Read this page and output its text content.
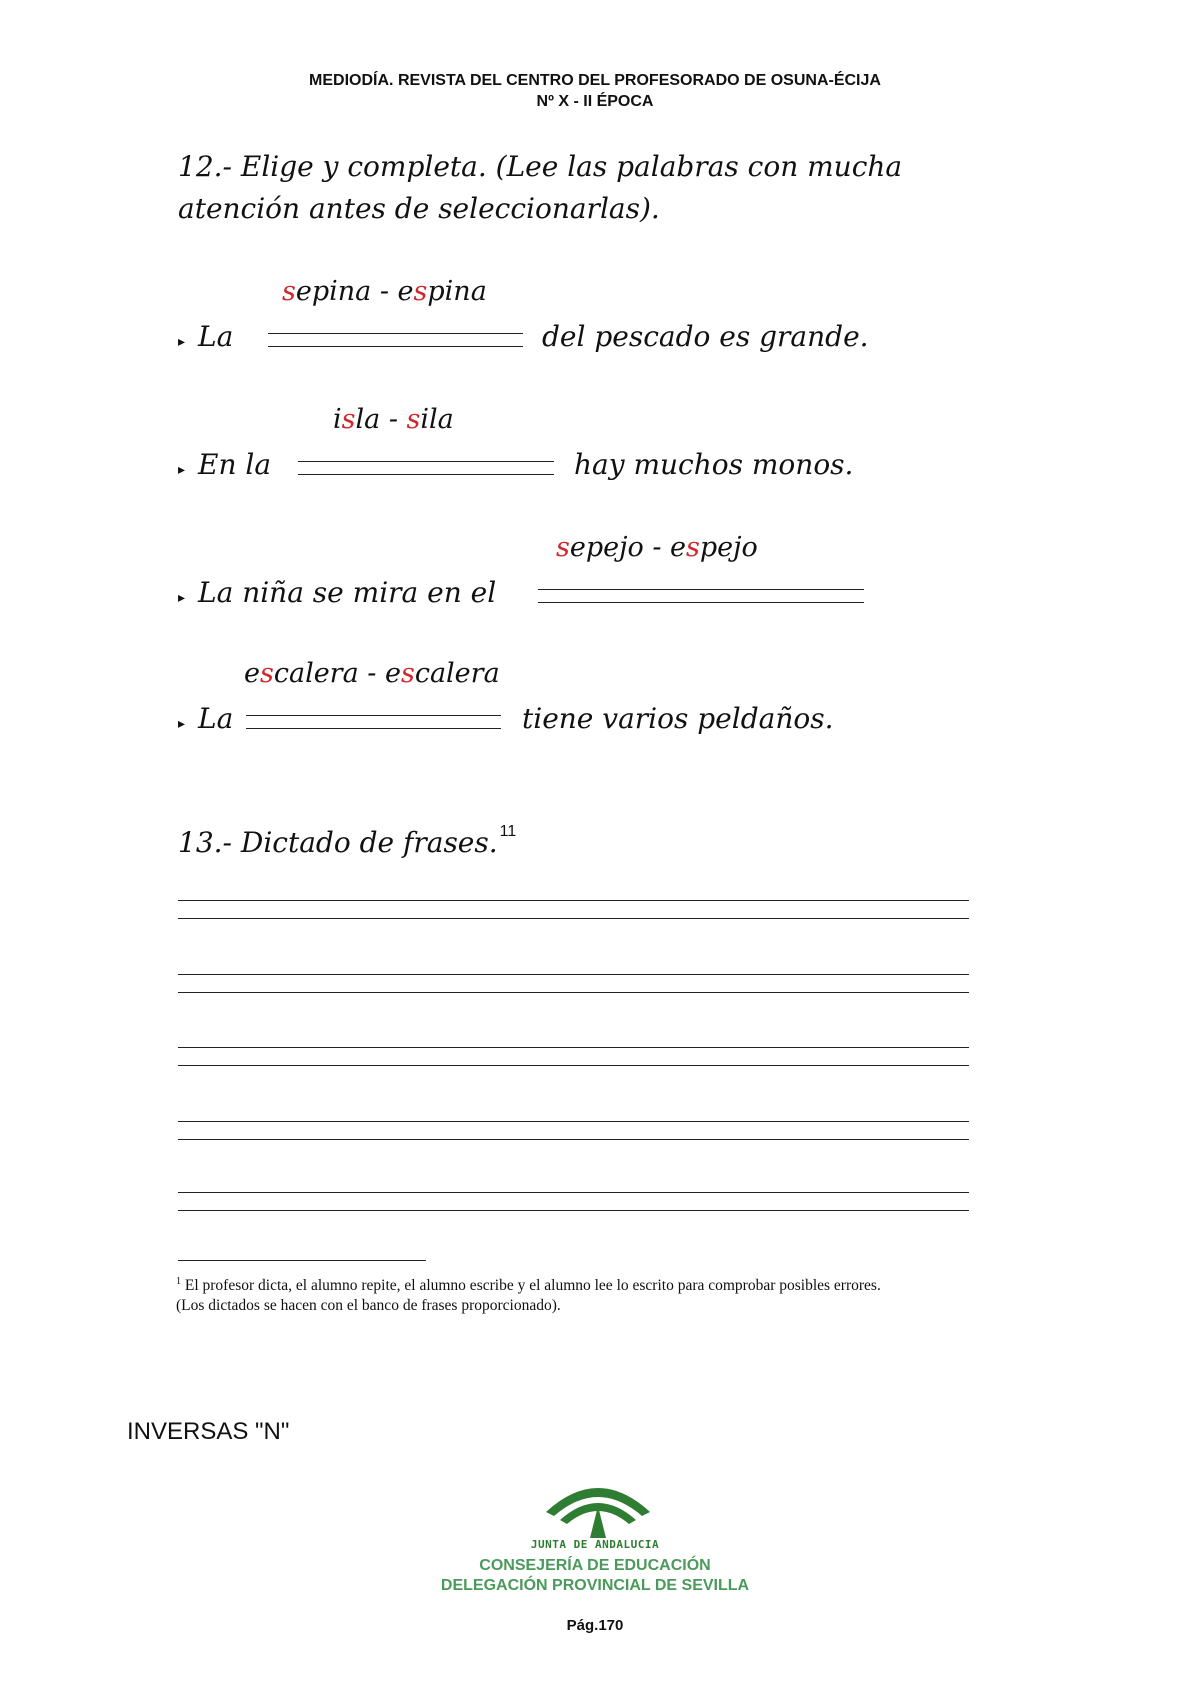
MEDIODÍA. REVISTA DEL CENTRO DEL PROFESORADO DE OSUNA-ÉCIJA
Nº X - II ÉPOCA
12.- Elige y completa. (Lee las palabras con mucha
atención antes de seleccionarlas).
sepina - espina
▸ La	del pescado es grande.
isla - sila
▸ En la	hay muchos monos.
sepejo - espejo
▸ La niña se mira en el
escalera - escalera
▸ La	tiene varios peldaños.
13.- Dictado de frases. $^{11}$
$^1$ El profesor dicta, el alumno repite, el alumno escribe y el alumno lee lo escrito para comprobar posibles errores. (Los dictados se hacen con el banco de frases proporcionado).
INVERSAS "N"
JUNTA DE ANDALUCIA
CONSEJERÍA DE EDUCACIÓN
DELEGACIÓN PROVINCIAL DE SEVILLA
Pág.170
